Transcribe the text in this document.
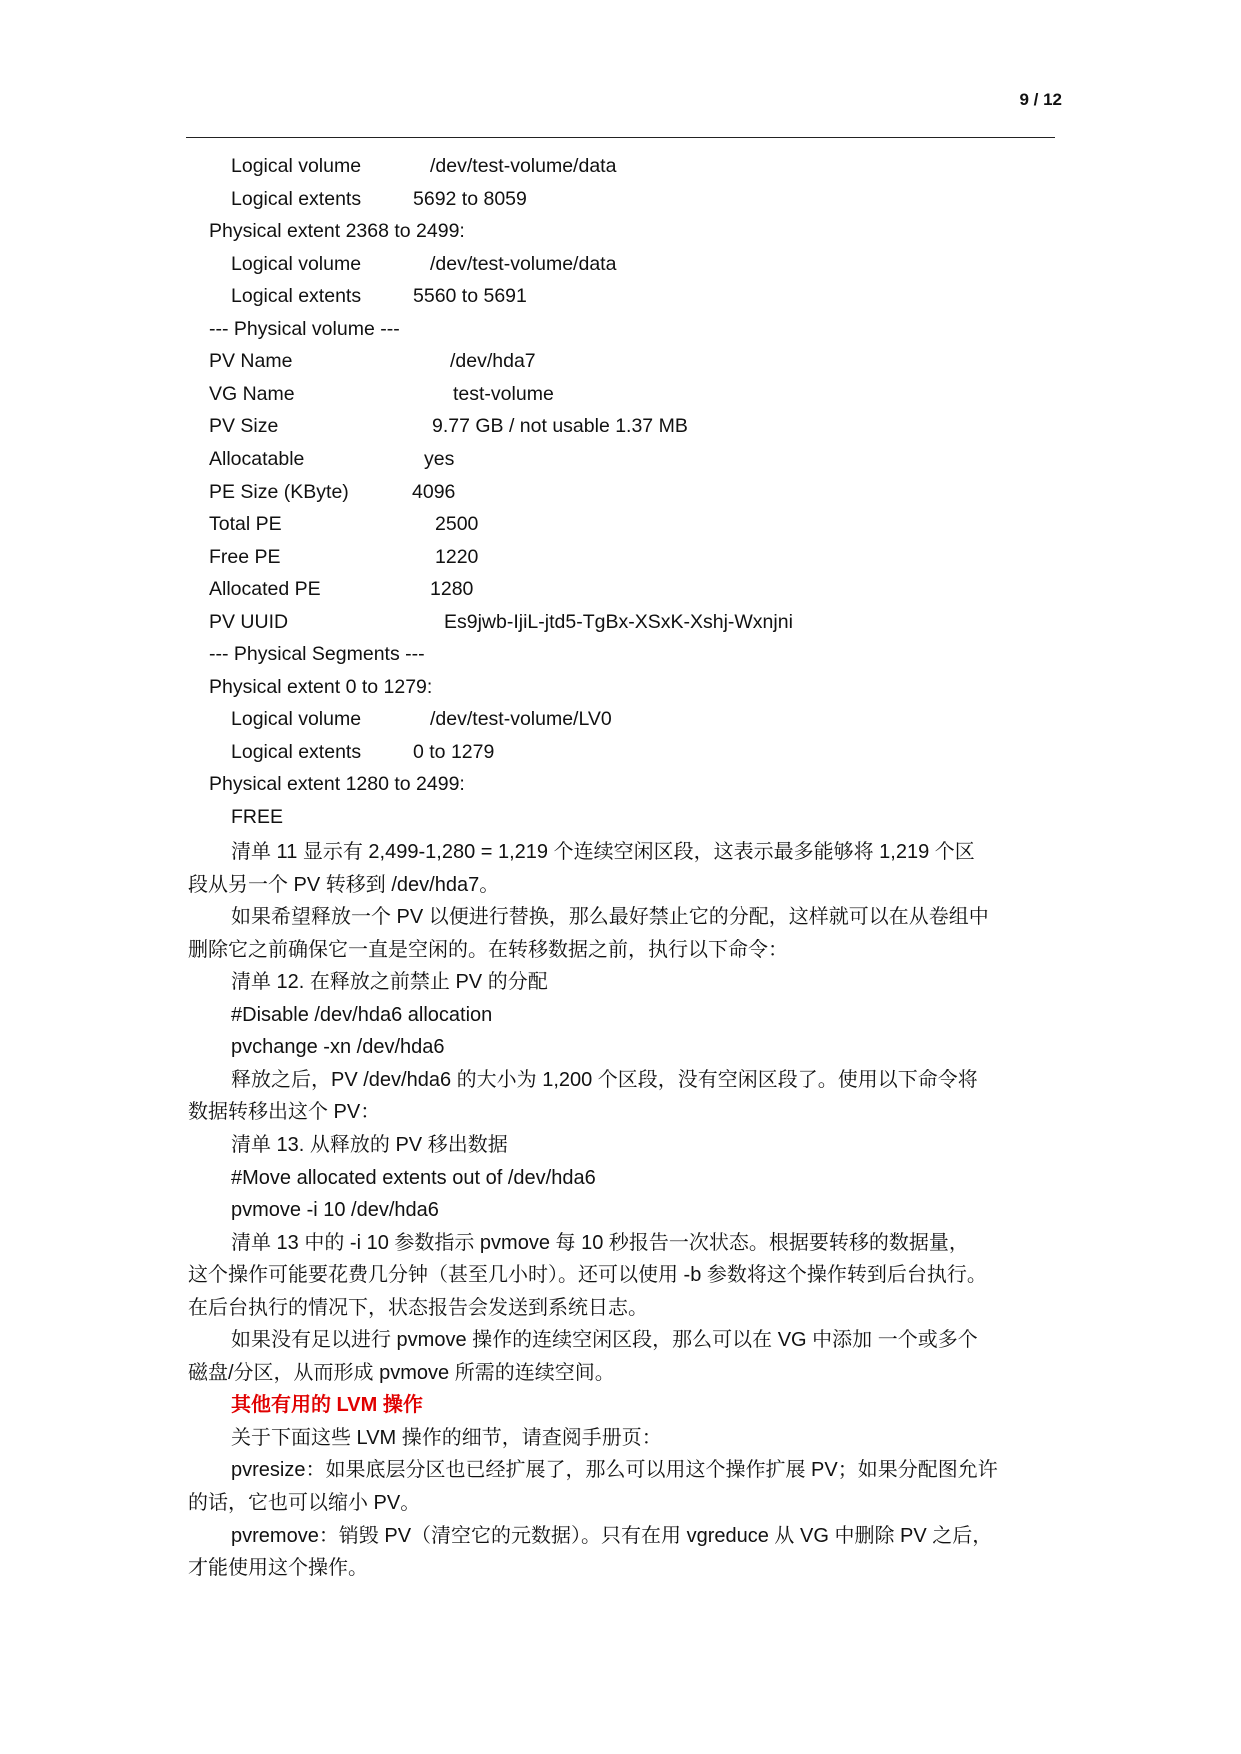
9 / 12
Logical volume	/dev/test-volume/data
Logical extents	5692 to 8059
Physical extent 2368 to 2499:
Logical volume	/dev/test-volume/data
Logical extents	5560 to 5691
--- Physical volume ---
PV Name	/dev/hda7
VG Name	test-volume
PV Size	9.77 GB / not usable 1.37 MB
Allocatable	yes
PE Size (KByte)	4096
Total PE	2500
Free PE	1220
Allocated PE	1280
PV UUID	Es9jwb-IjiL-jtd5-TgBx-XSxK-Xshj-Wxnjni
--- Physical Segments ---
Physical extent 0 to 1279:
Logical volume	/dev/test-volume/LV0
Logical extents	0 to 1279
Physical extent 1280 to 2499:
FREE
清单 11 显示有 2,499-1,280 = 1,219 个连续空闲区段，这表示最多能够将 1,219 个区
段从另一个 PV 转移到 /dev/hda7。
如果希望释放一个 PV 以便进行替换，那么最好禁止它的分配，这样就可以在从卷组中
删除它之前确保它一直是空闲的。在转移数据之前，执行以下命令：
清单 12. 在释放之前禁止 PV 的分配
#Disable /dev/hda6 allocation
pvchange -xn /dev/hda6
释放之后，PV /dev/hda6 的大小为 1,200 个区段，没有空闲区段了。使用以下命令将
数据转移出这个 PV：
清单 13. 从释放的 PV 移出数据
#Move allocated extents out of /dev/hda6
pvmove -i 10 /dev/hda6
清单 13 中的 -i 10 参数指示 pvmove 每 10 秒报告一次状态。根据要转移的数据量，
这个操作可能要花费几分钟（甚至几小时）。还可以使用 -b 参数将这个操作转到后台执行。
在后台执行的情况下，状态报告会发送到系统日志。
如果没有足以进行 pvmove 操作的连续空闲区段，那么可以在 VG 中添加 一个或多个
磁盘/分区，从而形成 pvmove 所需的连续空间。
其他有用的 LVM 操作
关于下面这些 LVM 操作的细节，请查阅手册页：
pvresize：如果底层分区也已经扩展了，那么可以用这个操作扩展 PV；如果分配图允许
的话，它也可以缩小 PV。
pvremove：销毁 PV（清空它的元数据）。只有在用 vgreduce 从 VG 中删除 PV 之后，
才能使用这个操作。
